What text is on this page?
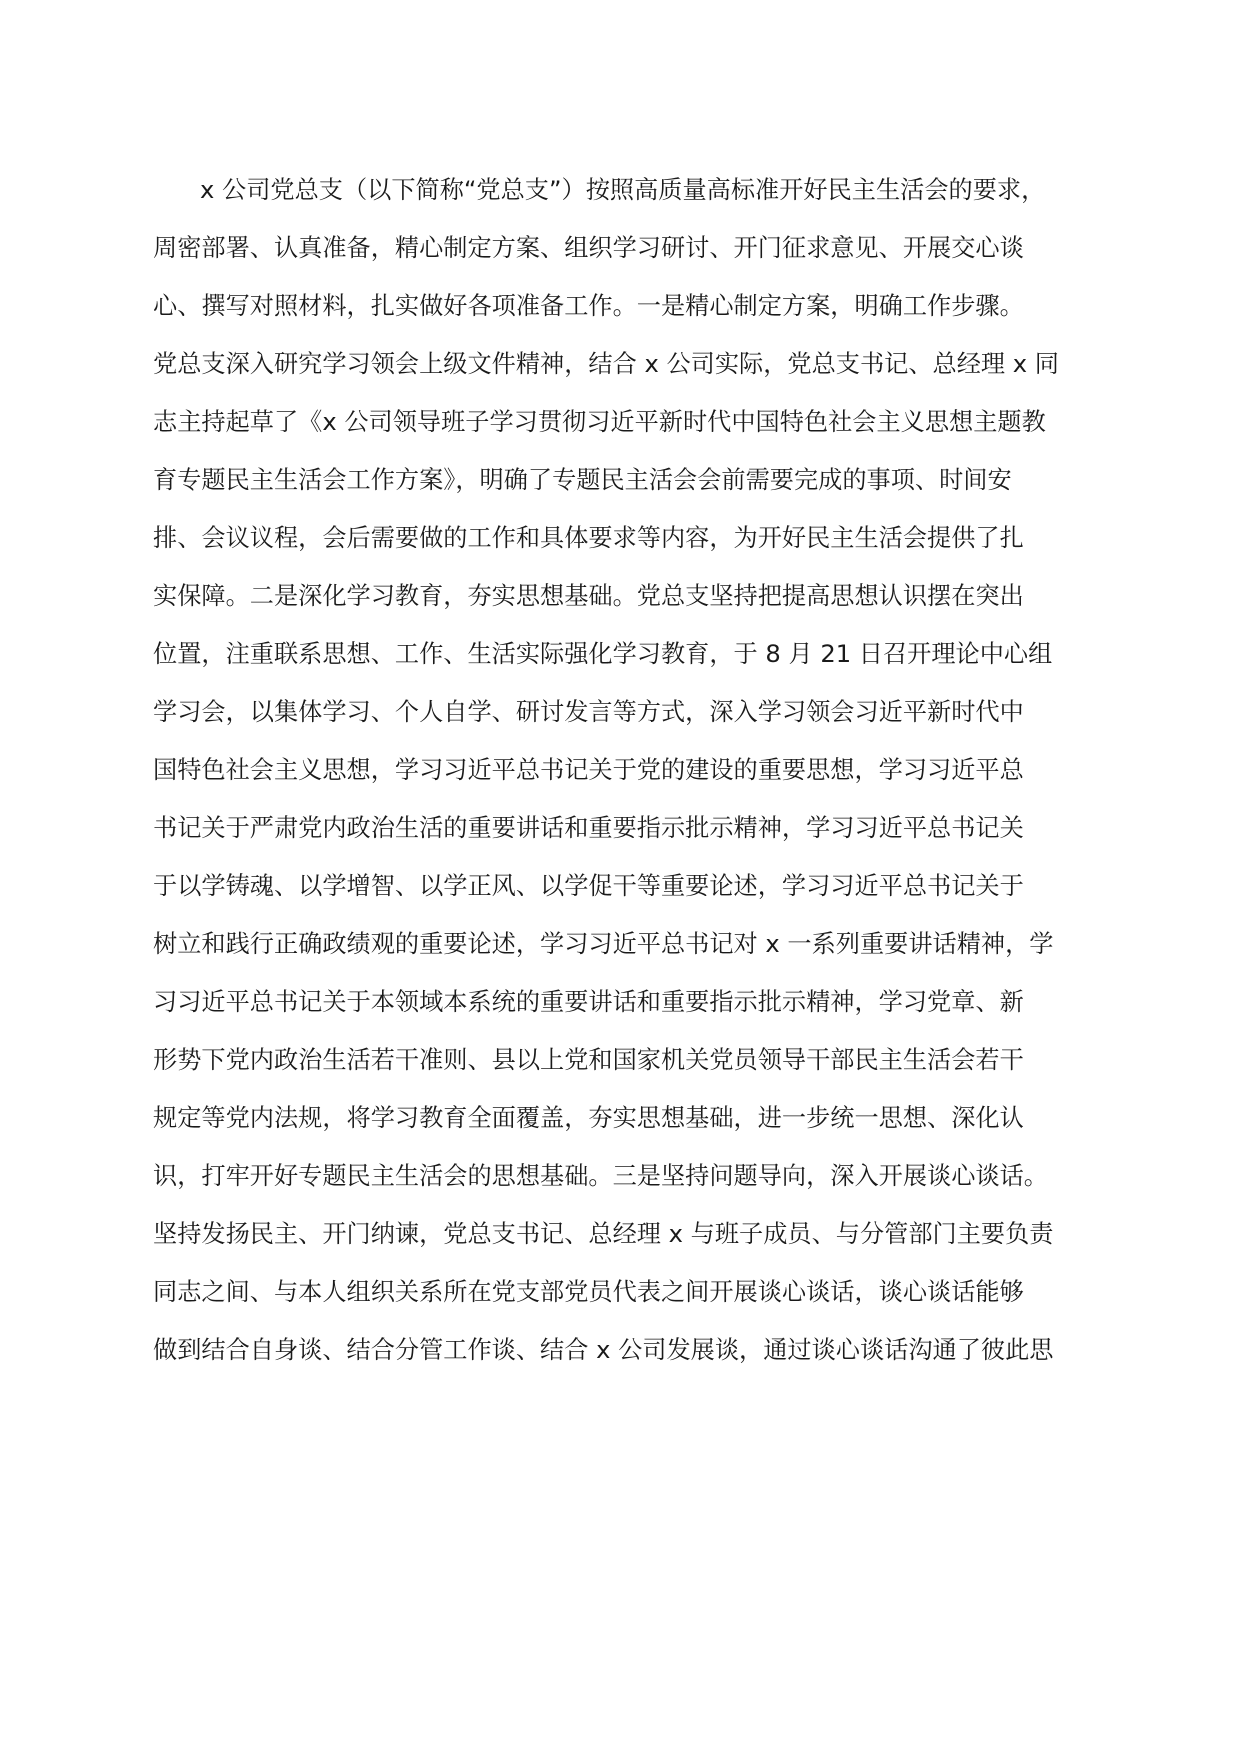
x 公司党总支（以下简称“党总支”）按照高质量高标准开好民主生活会的要求，
周密部署、认真准备，精心制定方案、组织学习研讨、开门征求意见、开展交心谈
心、撰写对照材料，扎实做好各项准备工作。一是精心制定方案，明确工作步骤。
党总支深入研究学习领会上级文件精神，结合 x 公司实际，党总支书记、总经理 x 同
志主持起草了《x 公司领导班子学习贯彻习近平新时代中国特色社会主义思想主题教
育专题民主生活会工作方案》，明确了专题民主活会会前需要完成的事项、时间安
排、会议议程，会后需要做的工作和具体要求等内容，为开好民主生活会提供了扎
实保障。二是深化学习教育，夯实思想基础。党总支坚持把提高思想认识摆在突出
位置，注重联系思想、工作、生活实际强化学习教育，于 8 月 21 日召开理论中心组
学习会，以集体学习、个人自学、研讨发言等方式，深入学习领会习近平新时代中
国特色社会主义思想，学习习近平总书记关于党的建设的重要思想，学习习近平总
书记关于严肃党内政治生活的重要讲话和重要指示批示精神，学习习近平总书记关
于以学铸魂、以学增智、以学正风、以学促干等重要论述，学习习近平总书记关于
树立和践行正确政绩观的重要论述，学习习近平总书记对 x 一系列重要讲话精神，学
习习近平总书记关于本领域本系统的重要讲话和重要指示批示精神，学习党章、新
形势下党内政治生活若干准则、县以上党和国家机关党员领导干部民主生活会若干
规定等党内法规，将学习教育全面覆盖，夯实思想基础，进一步统一思想、深化认
识，打牢开好专题民主生活会的思想基础。三是坚持问题导向，深入开展谈心谈话。
坚持发扬民主、开门纳谏，党总支书记、总经理 x 与班子成员、与分管部门主要负责
同志之间、与本人组织关系所在党支部党员代表之间开展谈心谈话，谈心谈话能够
做到结合自身谈、结合分管工作谈、结合 x 公司发展谈，通过谈心谈话沟通了彼此思
